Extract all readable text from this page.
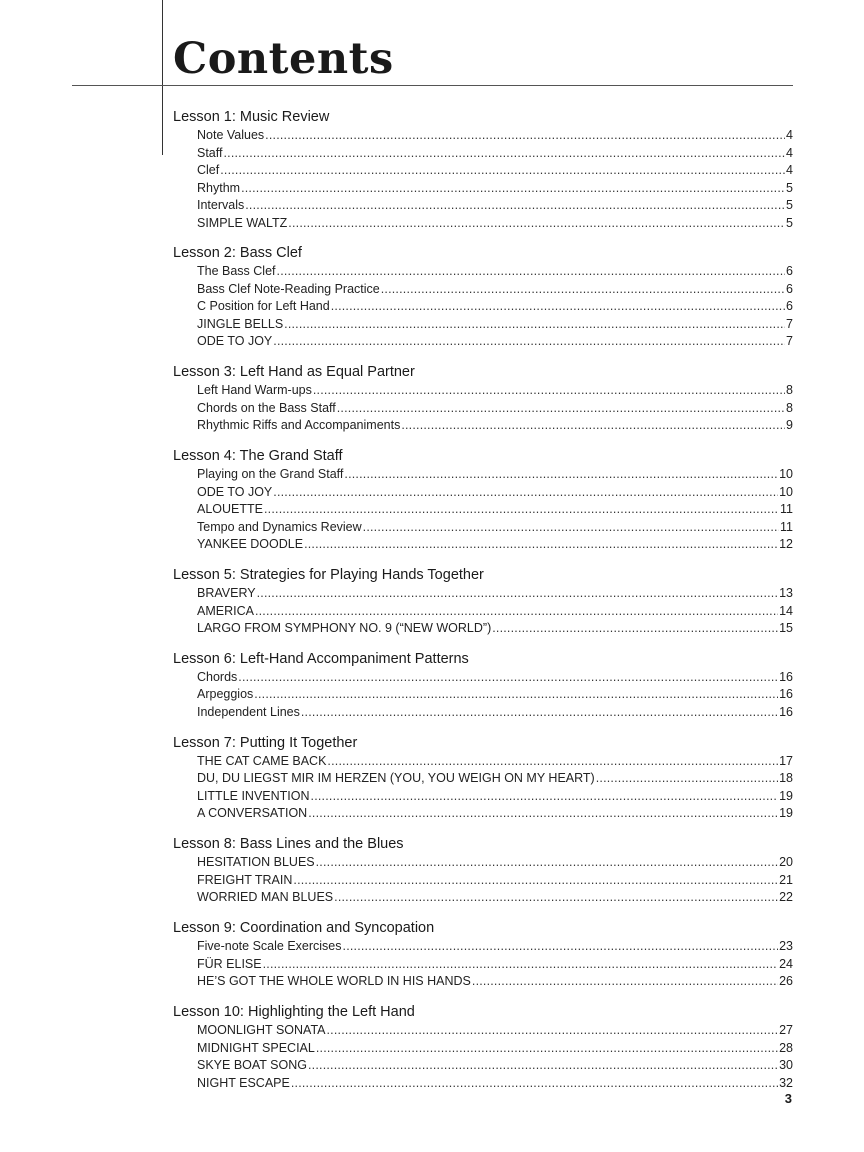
Contents
Lesson 1: Music Review
Note Values .....	4
Staff .....	4
Clef .....	4
Rhythm .....	5
Intervals .....	5
SIMPLE WALTZ .....	5
Lesson 2: Bass Clef
The Bass Clef .....	6
Bass Clef Note-Reading Practice .....	6
C Position for Left Hand .....	6
JINGLE BELLS .....	7
ODE TO JOY .....	7
Lesson 3: Left Hand as Equal Partner
Left Hand Warm-ups .....	8
Chords on the Bass Staff .....	8
Rhythmic Riffs and Accompaniments .....	9
Lesson 4: The Grand Staff
Playing on the Grand Staff .....	10
ODE TO JOY .....	10
ALOUETTE .....	11
Tempo and Dynamics Review .....	11
YANKEE DOODLE .....	12
Lesson 5: Strategies for Playing Hands Together
BRAVERY .....	13
AMERICA .....	14
LARGO FROM SYMPHONY NO. 9 (“NEW WORLD”) .....	15
Lesson 6: Left-Hand Accompaniment Patterns
Chords .....	16
Arpeggios .....	16
Independent Lines .....	16
Lesson 7: Putting It Together
THE CAT CAME BACK .....	17
DU, DU LIEGST MIR IM HERZEN (YOU, YOU WEIGH ON MY HEART) .....	18
LITTLE INVENTION .....	19
A CONVERSATION .....	19
Lesson 8: Bass Lines and the Blues
HESITATION BLUES .....	20
FREIGHT TRAIN .....	21
WORRIED MAN BLUES .....	22
Lesson 9: Coordination and Syncopation
Five-note Scale Exercises .....	23
FÜR ELISE .....	24
HE’S GOT THE WHOLE WORLD IN HIS HANDS .....	26
Lesson 10: Highlighting the Left Hand
MOONLIGHT SONATA .....	27
MIDNIGHT SPECIAL .....	28
SKYE BOAT SONG .....	30
NIGHT ESCAPE .....	32
3
